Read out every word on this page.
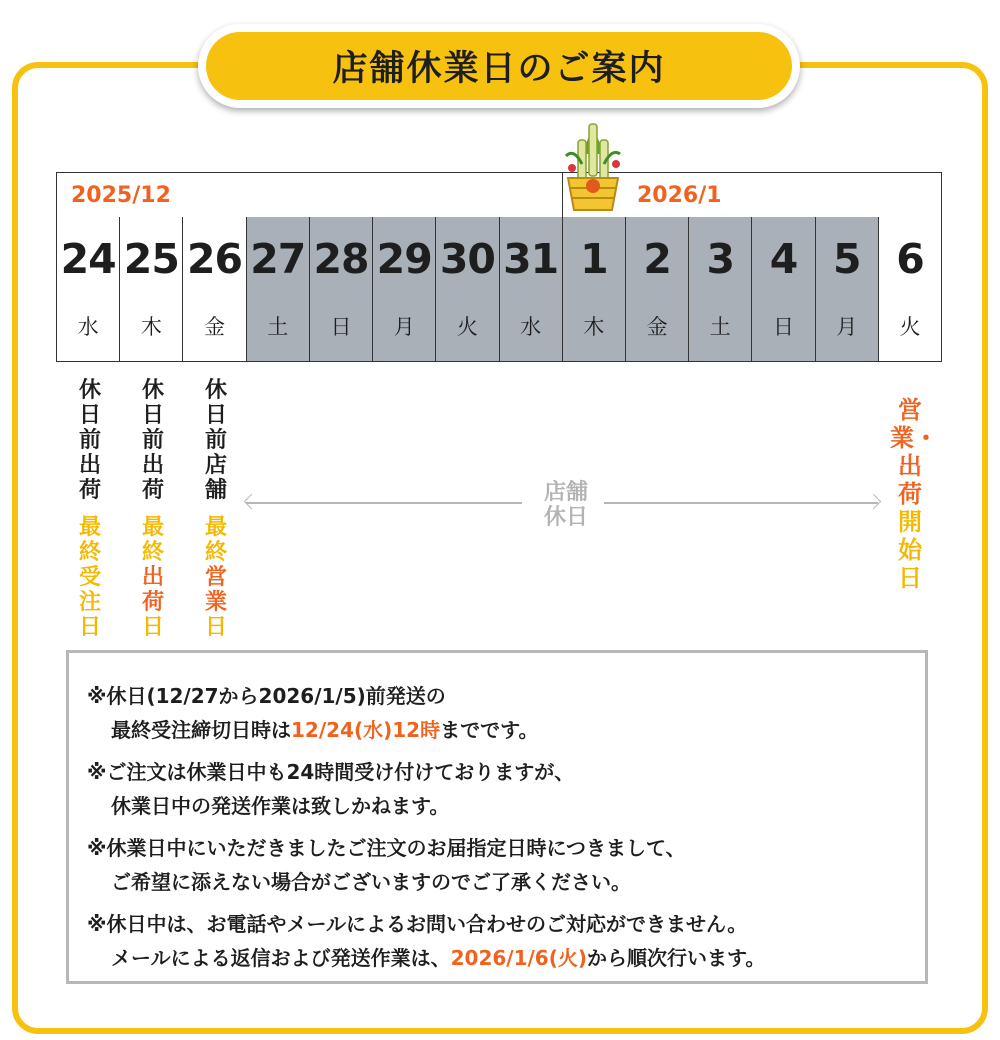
店舗休業日のご案内
2025/12	2026/1
24
水
25
木
26
金
27
土
28
日
29
月
30
火
31
水
1
木
2
金
3
土
4
日
5
月
6
火
休日前出荷
最終受注日
休日前出荷
最終
出荷
日
休日前店舗
最終
営業
日
店舗
休日
営業・出荷
開始日
※休日(12/27から2026/1/5)前発送の
最終受注締切日時は12/24(水)12時までです。
※ご注文は休業日中も24時間受け付けておりますが、
休業日中の発送作業は致しかねます。
※休業日中にいただきましたご注文のお届指定日時につきまして、
ご希望に添えない場合がございますのでご了承ください。
※休日中は、お電話やメールによるお問い合わせのご対応ができません。
メールによる返信および発送作業は、2026/1/6(火)から順次行います。
